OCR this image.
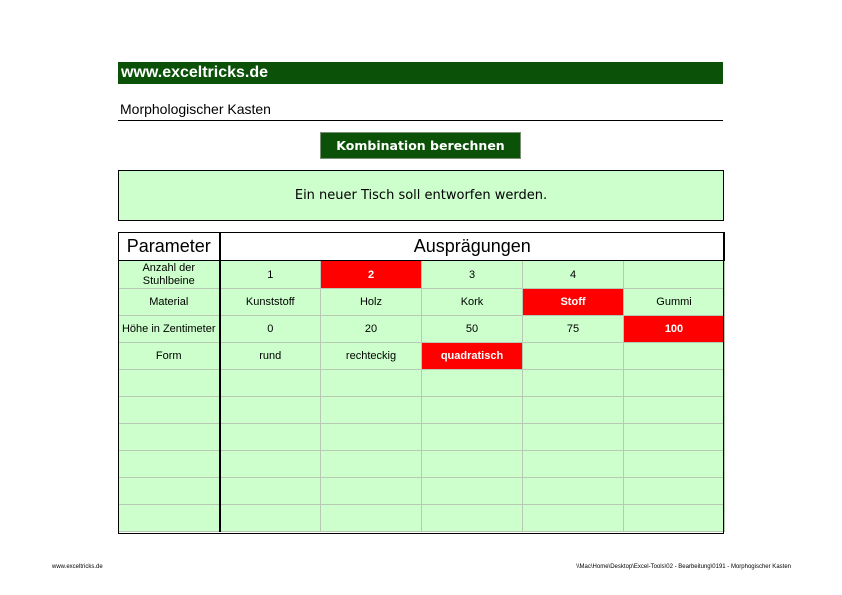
www.exceltricks.de
Morphologischer Kasten
Kombination berechnen
Ein neuer Tisch soll entworfen werden.
Parameter	Ausprägungen				
Anzahl der Stuhlbeine	1	2	3	4	
Material	Kunststoff	Holz	Kork	Stoff	Gummi
Höhe in Zentimeter	0	20	50	75	100
Form	rund	rechteckig	quadratisch		

www.exceltricks.de	\\Mac\Home\Desktop\Excel-Tools\02 - Bearbeitung\0191 - Morphogischer Kasten
